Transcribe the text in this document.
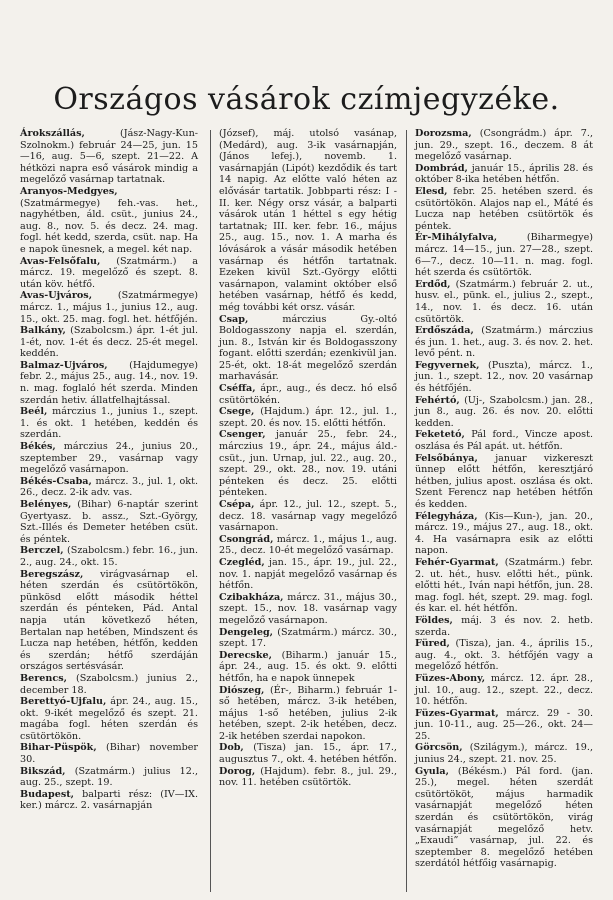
Országos vásárok czímjegyzéke.

Árokszállás, (Jász-Nagy-Kun-Szolnokm.) február 24—25, jun. 15—16, aug. 5—6, szept. 21—22. A hétközi napra eső vásárok mindig a megelőző vasárnap tartatnak.

Aranyos-Medgyes, (Szatmármegye) feh.-vas. het., nagyhétben, áld. csüt., junius 24., aug. 8., nov. 5. és decz. 24. mag. fogl. hét kedd, szerda, csüt. nap. Ha e napok ünesnek, a megel. két nap.

Avas-Felsőfalu, (Szatmárm.) a márcz. 19. megelőző és szept. 8. után köv. hétfő.

Avas-Ujváros, (Szatmármegye) márcz. 1., május 1., junius 12., aug. 15., okt. 25. mag. fogl. het. hétfőjén.

Balkány, (Szabolcsm.) ápr. 1-ét jul. 1-ét, nov. 1-ét és decz. 25-ét megel. keddén.

Balmaz-Ujváros, (Hajdumegye) febr. 2., május 25., aug. 14., nov. 19. n. mag. foglaló hét szerda. Minden szerdán hetiv. állatfelhajtással.

Beél, márczius 1., junius 1., szept. 1. és okt. 1 hetében, keddén és szerdán.

Békés, márczius 24., junius 20., szeptember 29., vasárnap vagy megelőző vasárnapon.

Békés-Csaba, márcz. 3., jul. 1, okt. 26., decz. 2-ik adv. vas.

Belényes, (Bihar) 6-naptár szerint Gyertyasz. b. assz., Szt.-György, Szt.-Illés és Demeter hetében csüt. és péntek.

Berczel, (Szabolcsm.) febr. 16., jun. 2., aug. 24., okt. 15.

Beregszász, virágvasárnap el. héten szerdán és csütörtökön, pünkösd előtt második héttel szerdán és pénteken, Pád. Antal napja után következő héten, Bertalan nap hetében, Mindszent és Lucza nap hetében, hétfőn, kedden és szerdán; hétfő szerdáján országos sertésvásár.

Berencs, (Szabolcsm.) junius 2., december 18.

Berettyó-Ujfalu, ápr. 24., aug. 15., okt. 9-ikét megelőző és szept. 21. magába fogl. héten szerdán és csütörtökön.

Bihar-Püspök, (Bihar) november 30.

Bikszád, (Szatmárm.) julius 12., aug. 25., szept. 19.

Budapest, balparti rész: (IV—IX. ker.) márcz. 2. vasárnapján

(József), máj. utolsó vasánap, (Medárd), aug. 3-ik vasárnapján, (János lefej.), novemb. 1. vasárnapján (Lipót) kezdődik és tart 14 napig. Az előtte való héten az elővásár tartatik. Jobbparti rész: I - II. ker. Négy orsz vásár, a balparti vásárok után 1 héttel s egy hétig tartatnak; III. ker. febr. 16., május 25., aug. 15., nov. 1. A marha és lóvásárok a vásár második hetében vasárnap és hétfőn tartatnak. Ezeken kivül Szt.-György előtti vasárnapon, valamint október első hetében vasárnap, hétfő és kedd, még további két orsz. vásár.

Csap, márczius Gy.-oltó Boldogasszony napja el. szerdán, jun. 8., István kir és Boldogasszony fogant. előtti szerdán; ezenkivül jan. 25-ét, okt. 18-át megelőző szerdán marhavásár.

Cséffa, ápr., aug., és decz. hó első csütörtökén.

Csege, (Hajdum.) ápr. 12., jul. 1., szept. 20. és nov. 15. előtti hétfőn.

Csenger, január 25., febr. 24., márczius 19., ápr. 24., május áld.-csüt., jun. Urnap, jul. 22., aug. 20., szept. 29., okt. 28., nov. 19. utáni pénteken és decz. 25. előtti pénteken.

Csépa, ápr. 12., jul. 12., szept. 5., decz. 18. vasárnap vagy megelőző vasárnapon.

Csongrád, márcz. 1., május 1., aug. 25., decz. 10-ét megelőző vasárnap.

Czegléd, jan. 15., ápr. 19., jul. 22., nov. 1. napját megelőző vasárnap és hétfőn.

Czibakháza, márcz. 31., május 30., szept. 15., nov. 18. vasárnap vagy megelőző vasárnapon.

Dengeleg, (Szatmárm.) márcz. 30., szept. 17.

Derecske, (Biharm.) január 15., ápr. 24., aug. 15. és okt. 9. előtti hétfőn, ha e napok ünnepek

Diószeg, (Ér-, Biharm.) február 1-ső hetében, márcz. 3-ik hetében, május 1-ső hetében, julius 2-ik hetében, szept. 2-ik hetében, decz. 2-ik hetében szerdai napokon.

Dob, (Tisza) jan. 15., ápr. 17., augusztus 7., okt. 4. hetében hétfőn.

Dorog, (Hajdum). febr. 8., jul. 29., nov. 11. hetében csütörtök.

Dorozsma, (Csongrádm.) ápr. 7., jun. 29., szept. 16., deczem. 8 át megelőző vasárnap.

Dombrád, január 15., április 28. és október 8-ika hetében hétfőn.

Elesd, febr. 25. hetében szerd. és csütörtökön. Alajos nap el., Máté és Lucza nap hetében csütörtök és péntek.

Ér-Mihályfalva, (Biharmegye) márcz. 14—15., jun. 27—28., szept. 6—7., decz. 10—11. n. mag. fogl. hét szerda és csütörtök.

Erdőd, (Szatmárm.) február 2. ut., husv. el., pünk. el., julius 2., szept., 14., nov. 1. és decz. 16. után csütörtök.

Erdőszáda, (Szatmárm.) márczius és jun. 1. het., aug. 3. és nov. 2. het. levő pént. n.

Fegyvernek, (Puszta), márcz. 1., jun. 1., szept. 12., nov. 20 vasárnap és hétfőjén.

Fehértó, (Uj-, Szabolcsm.) jan. 28., jun 8., aug. 26. és nov. 20. előtti kedden.

Feketetó, Pál ford., Vincze apost. oszlása és Pál apát. ut. hétfőn.

Felsőbánya, januar vizkereszt ünnep előtt hétfőn, keresztjáró hétben, julius apost. oszlása és okt. Szent Ferencz nap hetében hétfőn és kedden.

Félegyháza, (Kis—Kun-), jan. 20., márcz. 19., május 27., aug. 18., okt. 4. Ha vasárnapra esik az előtti napon.

Fehér-Gyarmat, (Szatmárm.) febr. 2. ut. hét., husv. előtti hét., pünk. előtti hét., Iván napi hétfőn, jun. 28. mag. fogl. hét, szept. 29. mag. fogl. és kar. el. hét hétfőn.

Földes, máj. 3 és nov. 2. hetb. szerda.

Füred, (Tisza), jan. 4., április 15., aug. 4., okt. 3. hétfőjén vagy a megelőző hétfőn.

Füzes-Abony, márcz. 12. ápr. 28., jul. 10., aug. 12., szept. 22., decz. 10. hétfőn.

Füzes-Gyarmat, márcz. 29 - 30. jun. 10-11., aug. 25—26., okt. 24—25.

Görcsön, (Szilágym.), márcz. 19., junius 24., szept. 21. nov. 25.

Gyula, (Békésm.) Pál ford. (jan. 25.), megel. héten szerdát csütörtököt, május harmadik vasárnapját megelőző héten szerdán és csütörtökön, virág vasárnapját megelőző hetv. „Exaudi” vasárnap, jul. 22. és szeptember 8. megelőző hetében szerdától hétfőig vasárnapig.
